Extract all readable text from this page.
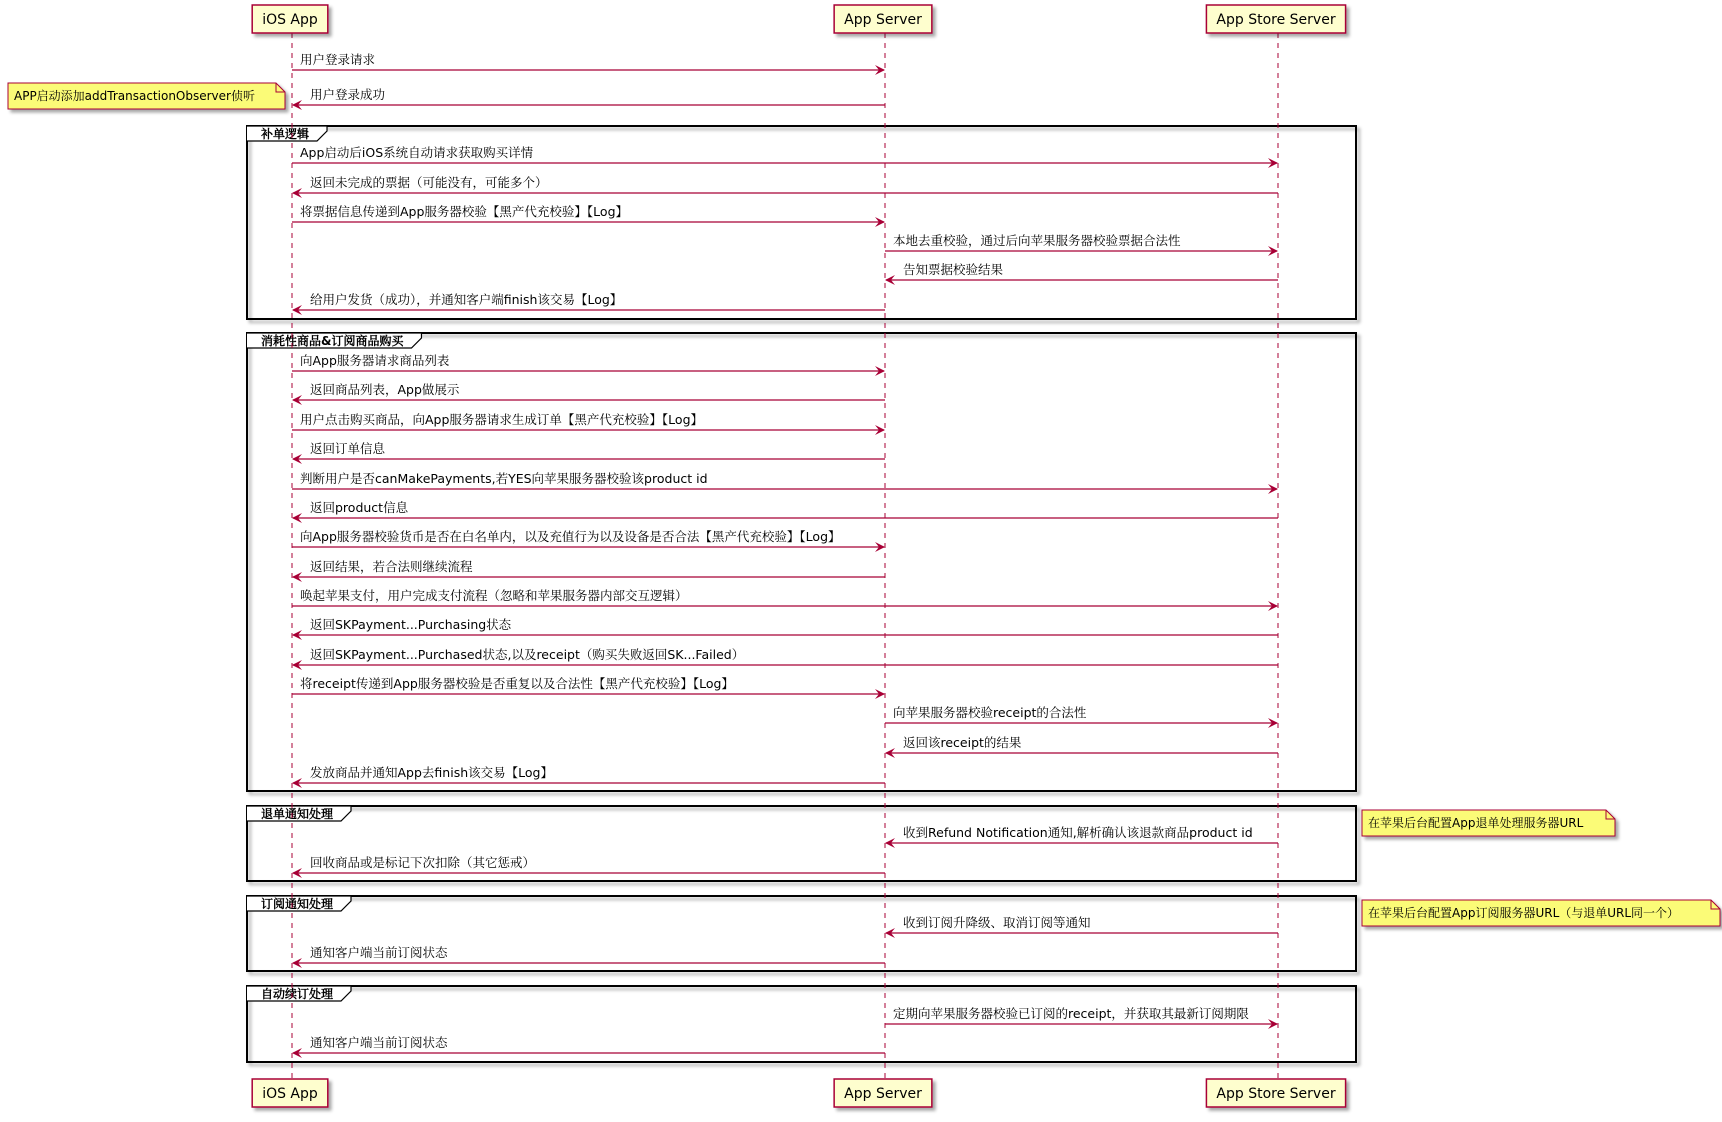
补单逻辑
消耗性商品&订阅商品购买
退单通知处理
订阅通知处理
自动续订处理
用户登录请求
用户登录成功
App启动后iOS系统自动请求获取购买详情
返回未完成的票据（可能没有，可能多个）
将票据信息传递到App服务器校验【黑产代充校验】【Log】
本地去重校验，通过后向苹果服务器校验票据合法性
告知票据校验结果
给用户发货（成功），并通知客户端finish该交易【Log】
向App服务器请求商品列表
返回商品列表，App做展示
用户点击购买商品，向App服务器请求生成订单【黑产代充校验】【Log】
返回订单信息
判断用户是否canMakePayments,若YES向苹果服务器校验该product id
返回product信息
向App服务器校验货币是否在白名单内，以及充值行为以及设备是否合法【黑产代充校验】【Log】
返回结果，若合法则继续流程
唤起苹果支付，用户完成支付流程（忽略和苹果服务器内部交互逻辑）
返回SKPayment...Purchasing状态
返回SKPayment...Purchased状态,以及receipt（购买失败返回SK...Failed）
将receipt传递到App服务器校验是否重复以及合法性【黑产代充校验】【Log】
向苹果服务器校验receipt的合法性
返回该receipt的结果
发放商品并通知App去finish该交易【Log】
收到Refund Notification通知,解析确认该退款商品product id
回收商品或是标记下次扣除（其它惩戒）
收到订阅升降级、取消订阅等通知
通知客户端当前订阅状态
定期向苹果服务器校验已订阅的receipt，并获取其最新订阅期限
通知客户端当前订阅状态
APP启动添加addTransactionObserver侦听
在苹果后台配置App退单处理服务器URL
在苹果后台配置App订阅服务器URL（与退单URL同一个）
iOS App
iOS App
App Server
App Server
App Store Server
App Store Server
